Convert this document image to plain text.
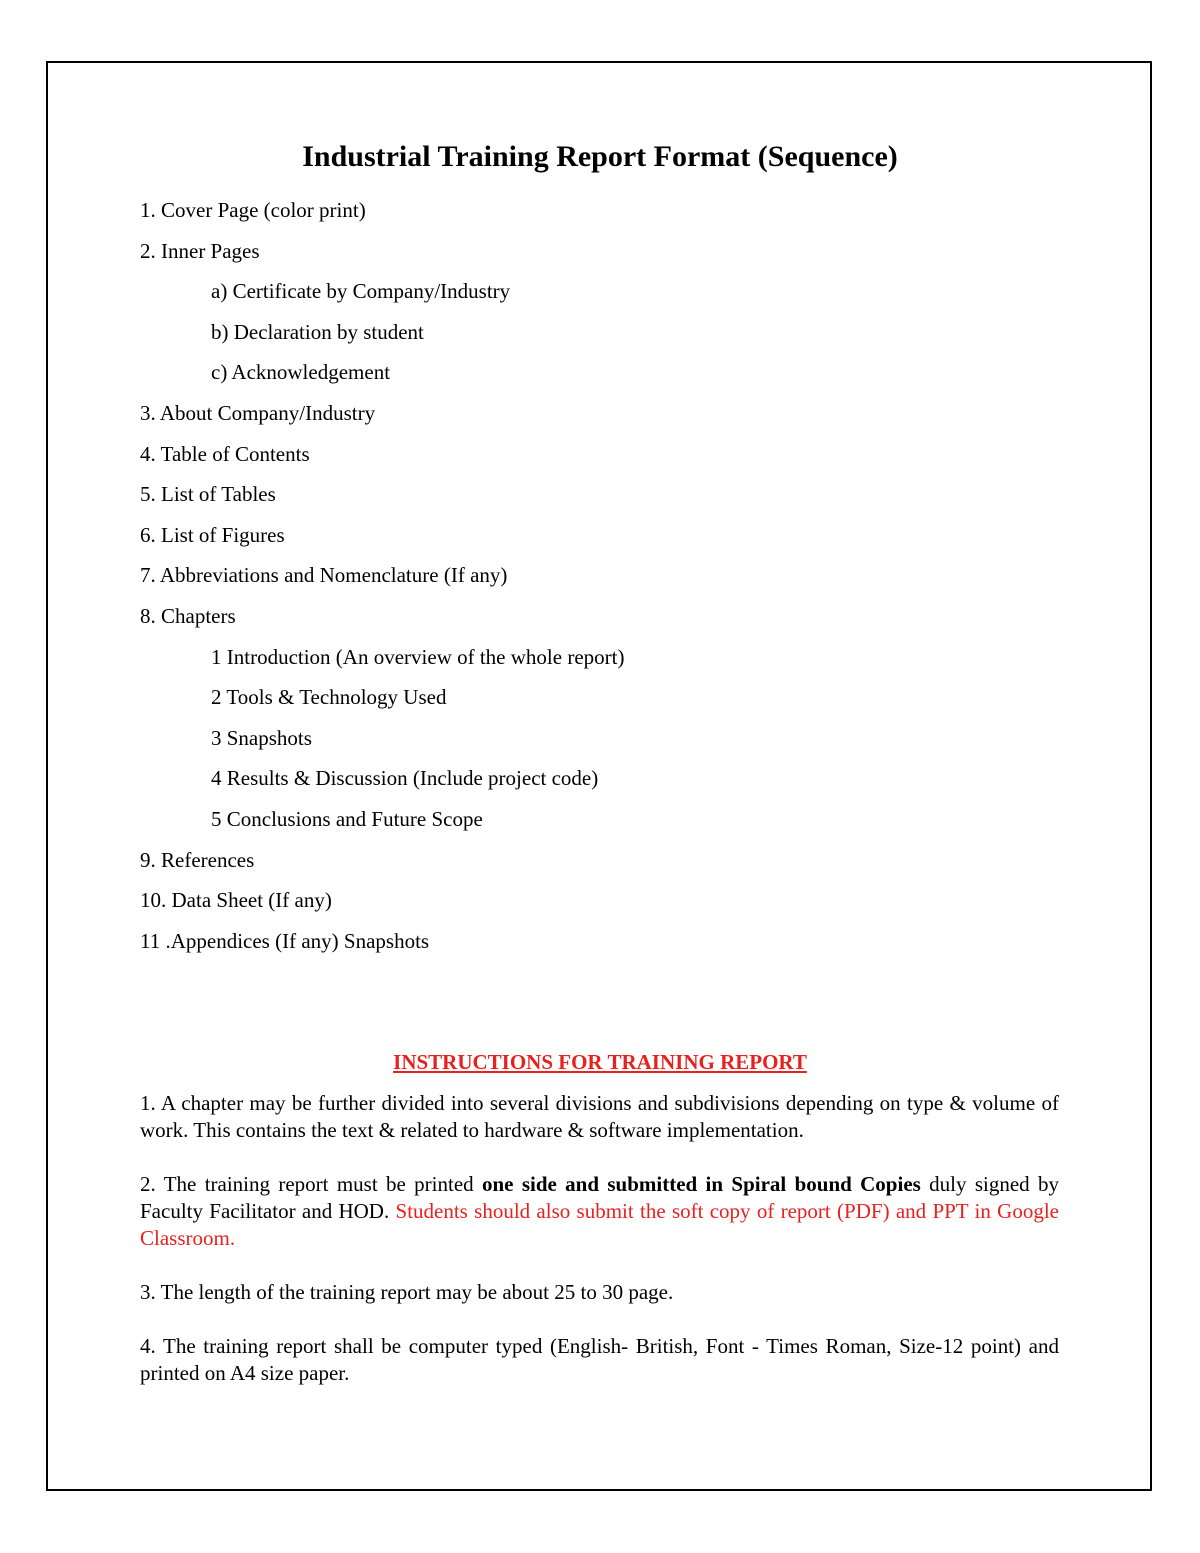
Industrial Training Report Format (Sequence)
1. Cover Page (color print)
2. Inner Pages
a) Certificate by Company/Industry
b) Declaration by student
c) Acknowledgement
3. About Company/Industry
4. Table of Contents
5. List of Tables
6. List of Figures
7. Abbreviations and Nomenclature (If any)
8. Chapters
1 Introduction (An overview of the whole report)
2 Tools & Technology Used
3 Snapshots
4 Results & Discussion (Include project code)
5 Conclusions and Future Scope
9. References
10. Data Sheet (If any)
11 .Appendices (If any) Snapshots
INSTRUCTIONS FOR TRAINING REPORT

1. A chapter may be further divided into several divisions and subdivisions depending on type & volume of work. This contains the text & related to hardware & software implementation.

2. The training report must be printed one side and submitted in Spiral bound Copies duly signed by Faculty Facilitator and HOD. Students should also submit the soft copy of report (PDF) and PPT in Google Classroom.

3. The length of the training report may be about 25 to 30 page.

4. The training report shall be computer typed (English- British, Font - Times Roman, Size-12 point) and printed on A4 size paper.
